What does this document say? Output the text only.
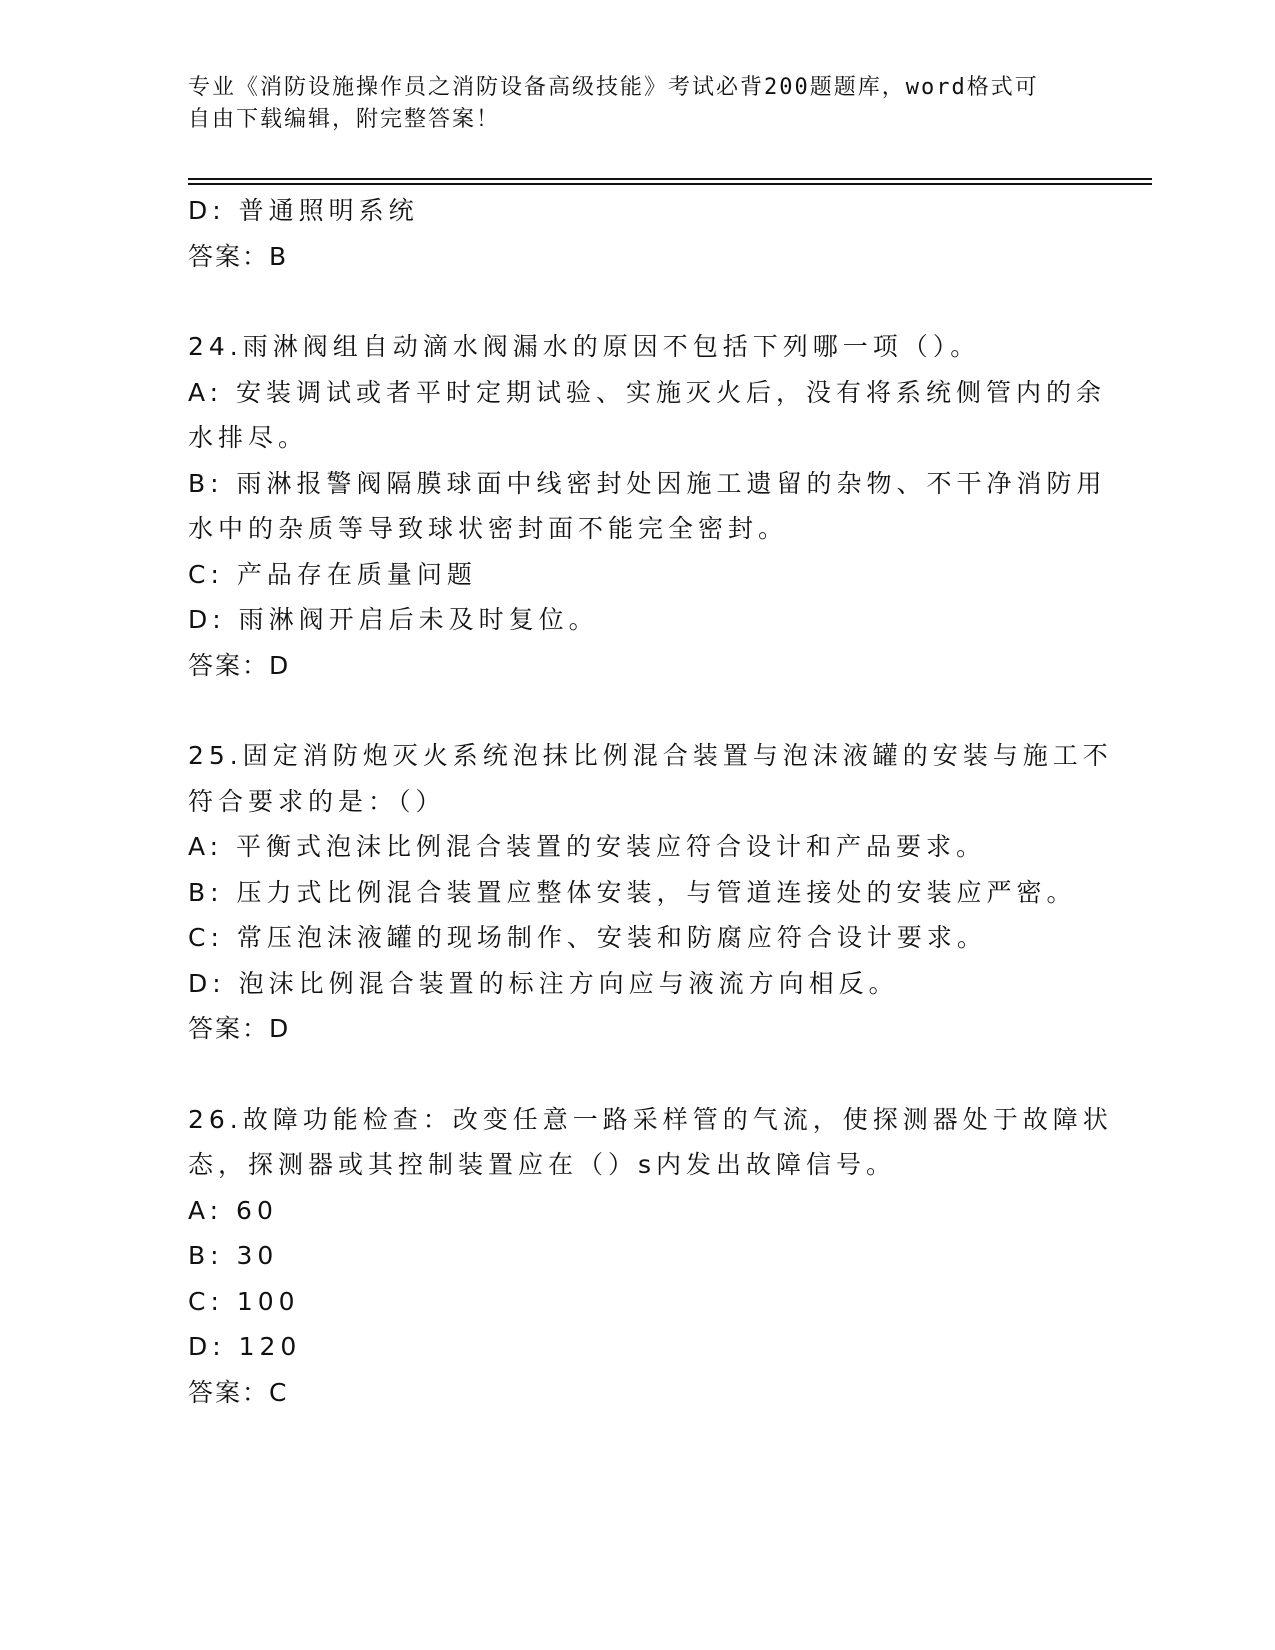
专业《消防设施操作员之消防设备高级技能》考试必背200题题库，word格式可
自由下载编辑，附完整答案！
D: 普通照明系统
答案：B
24.雨淋阀组自动滴水阀漏水的原因不包括下列哪一项（）。
A: 安装调试或者平时定期试验、实施灭火后，没有将系统侧管内的余
水排尽。
B: 雨淋报警阀隔膜球面中线密封处因施工遗留的杂物、不干净消防用
水中的杂质等导致球状密封面不能完全密封。
C: 产品存在质量问题
D: 雨淋阀开启后未及时复位。
答案：D
25.固定消防炮灭火系统泡抹比例混合装置与泡沫液罐的安装与施工不
符合要求的是：（）
A: 平衡式泡沫比例混合装置的安装应符合设计和产品要求。
B: 压力式比例混合装置应整体安装，与管道连接处的安装应严密。
C: 常压泡沫液罐的现场制作、安装和防腐应符合设计要求。
D: 泡沫比例混合装置的标注方向应与液流方向相反。
答案：D
26.故障功能检查：改变任意一路采样管的气流，使探测器处于故障状
态，探测器或其控制装置应在（）s内发出故障信号。
A: 60
B: 30
C: 100
D: 120
答案：C
